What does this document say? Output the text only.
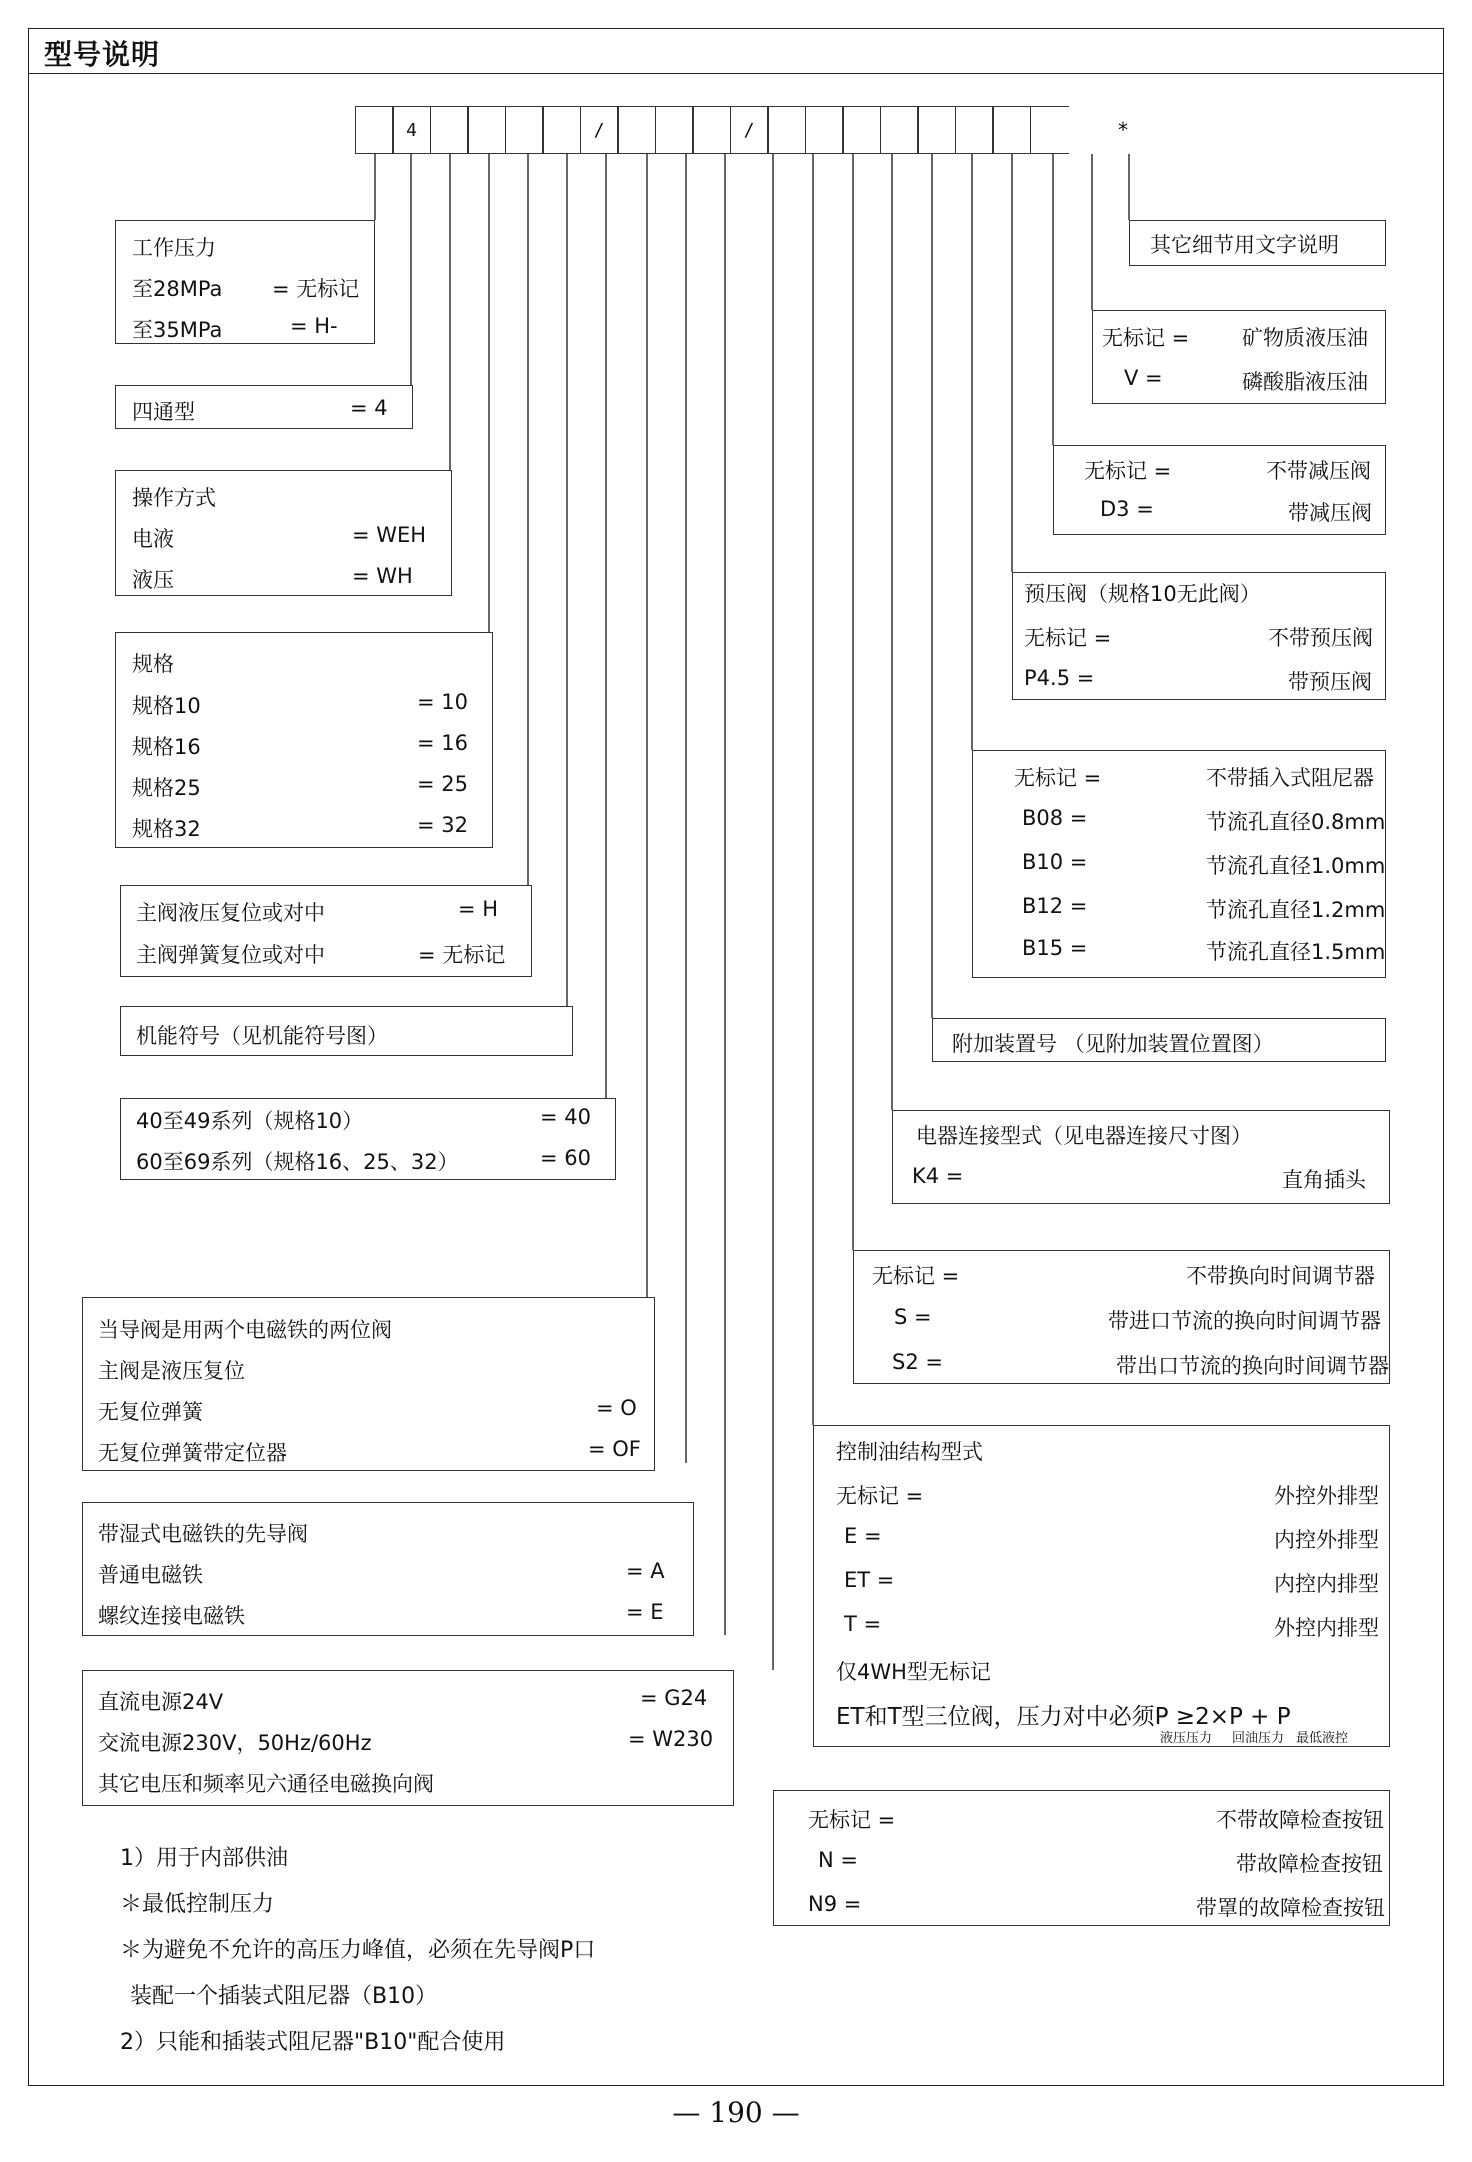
型号说明
4	/	/	*
工作压力
至28MPa = 无标记
至35MPa	= H-
四通型	= 4
操作方式
电液	= WEH
液压	= WH
规格
规格10	= 10
规格16	= 16
规格25	= 25
规格32	= 32
主阀液压复位或对中	= H
主阀弹簧复位或对中	= 无标记
机能符号（见机能符号图）
40至49系列（规格10）	= 40
60至69系列（规格16、25、32）	= 60
当导阀是用两个电磁铁的两位阀
主阀是液压复位
无复位弹簧	= O
无复位弹簧带定位器	= OF
带湿式电磁铁的先导阀
普通电磁铁	= A
螺纹连接电磁铁	= E
直流电源24V	= G24
交流电源230V，50Hz/60Hz	= W230
其它电压和频率见六通径电磁换向阀
其它细节用文字说明
无标记 =	矿物质液压油
V =	磷酸脂液压油
无标记 =	不带减压阀
D3 =	带减压阀
预压阀（规格10无此阀）
无标记 =	不带预压阀
P4.5 =	带预压阀
无标记 =	不带插入式阻尼器
B08 =	节流孔直径0.8mm
B10 =	节流孔直径1.0mm
B12 =	节流孔直径1.2mm
B15 =	节流孔直径1.5mm
附加装置号 （见附加装置位置图）
电器连接型式（见电器连接尺寸图）
K4 =	直角插头
无标记 =	不带换向时间调节器
S =	带进口节流的换向时间调节器
S2 =	带出口节流的换向时间调节器
控制油结构型式
无标记 =	外控外排型
E =	内控外排型
ET =	内控内排型
T =	外控内排型
仅4WH型无标记
ET和T型三位阀，压力对中必须P ≥2×P + P
液压压力 回油压力 最低液控
无标记 =	不带故障检查按钮
N =	带故障检查按钮
N9 =	带罩的故障检查按钮
1）用于内部供油
＊最低控制压力
＊为避免不允许的高压力峰值，必须在先导阀P口
装配一个插装式阻尼器（B10）
2）只能和插装式阻尼器"B10"配合使用
— 190 —
